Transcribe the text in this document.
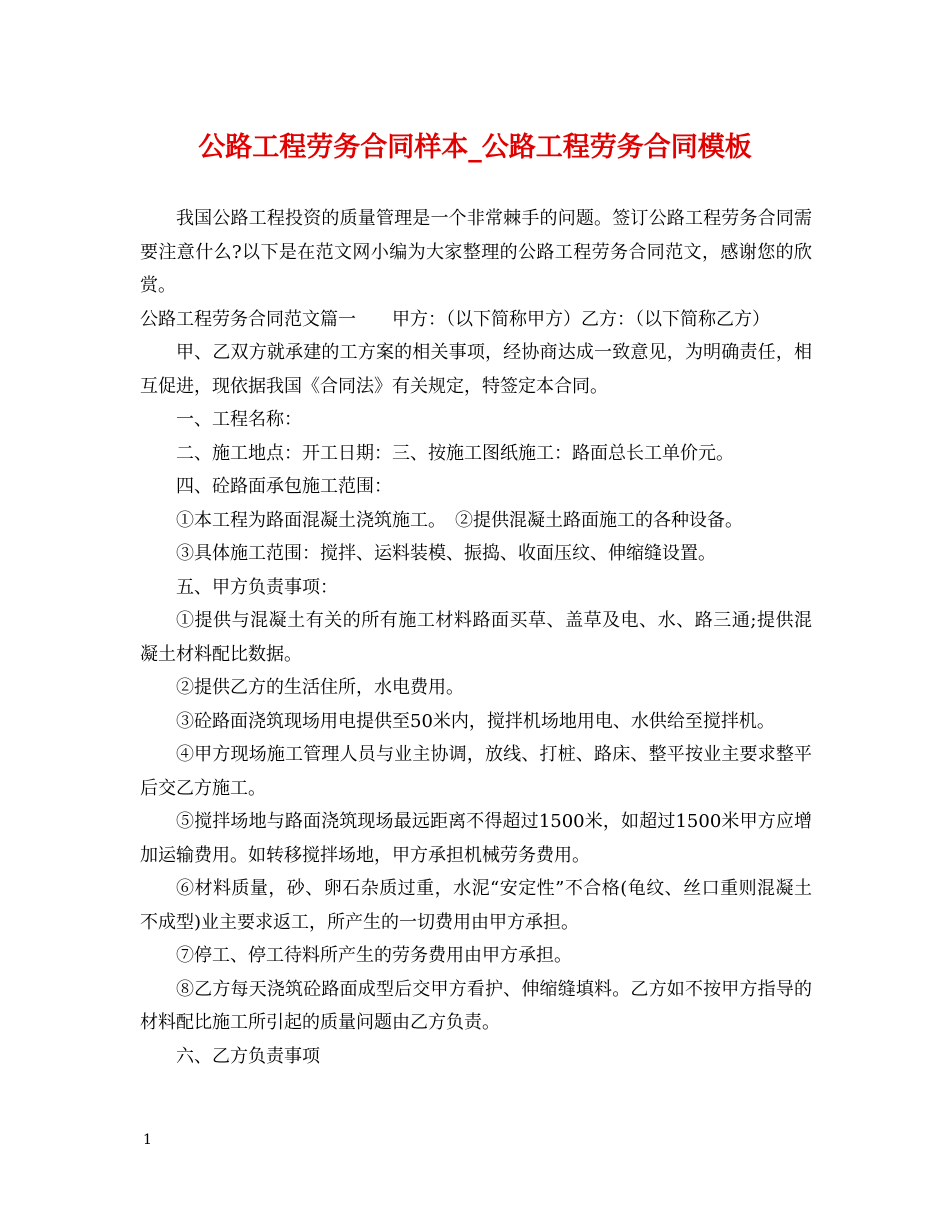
公路工程劳务合同样本_公路工程劳务合同模板

我国公路工程投资的质量管理是一个非常棘手的问题。签订公路工程劳务合同需要注意什么?以下是在范文网小编为大家整理的公路工程劳务合同范文，感谢您的欣赏。

公路工程劳务合同范文篇一　　甲方：（以下简称甲方）乙方：（以下简称乙方）

甲、乙双方就承建的工方案的相关事项，经协商达成一致意见，为明确责任，相互促进，现依据我国《合同法》有关规定，特签定本合同。

一、工程名称：

二、施工地点：开工日期：三、按施工图纸施工：路面总长工单价元。

四、砼路面承包施工范围：

①本工程为路面混凝土浇筑施工。　②提供混凝土路面施工的各种设备。

③具体施工范围：搅拌、运料装模、振捣、收面压纹、伸缩缝设置。

五、甲方负责事项：

①提供与混凝土有关的所有施工材料路面买草、盖草及电、水、路三通;提供混凝土材料配比数据。

②提供乙方的生活住所，水电费用。

③砼路面浇筑现场用电提供至50米内，搅拌机场地用电、水供给至搅拌机。

④甲方现场施工管理人员与业主协调，放线、打桩、路床、整平按业主要求整平后交乙方施工。

⑤搅拌场地与路面浇筑现场最远距离不得超过1500米，如超过1500米甲方应增加运输费用。如转移搅拌场地，甲方承担机械劳务费用。

⑥材料质量，砂、卵石杂质过重，水泥“安定性”不合格(龟纹、丝口重则混凝土不成型)业主要求返工，所产生的一切费用由甲方承担。

⑦停工、停工待料所产生的劳务费用由甲方承担。

⑧乙方每天浇筑砼路面成型后交甲方看护、伸缩缝填料。乙方如不按甲方指导的材料配比施工所引起的质量问题由乙方负责。

六、乙方负责事项

1
